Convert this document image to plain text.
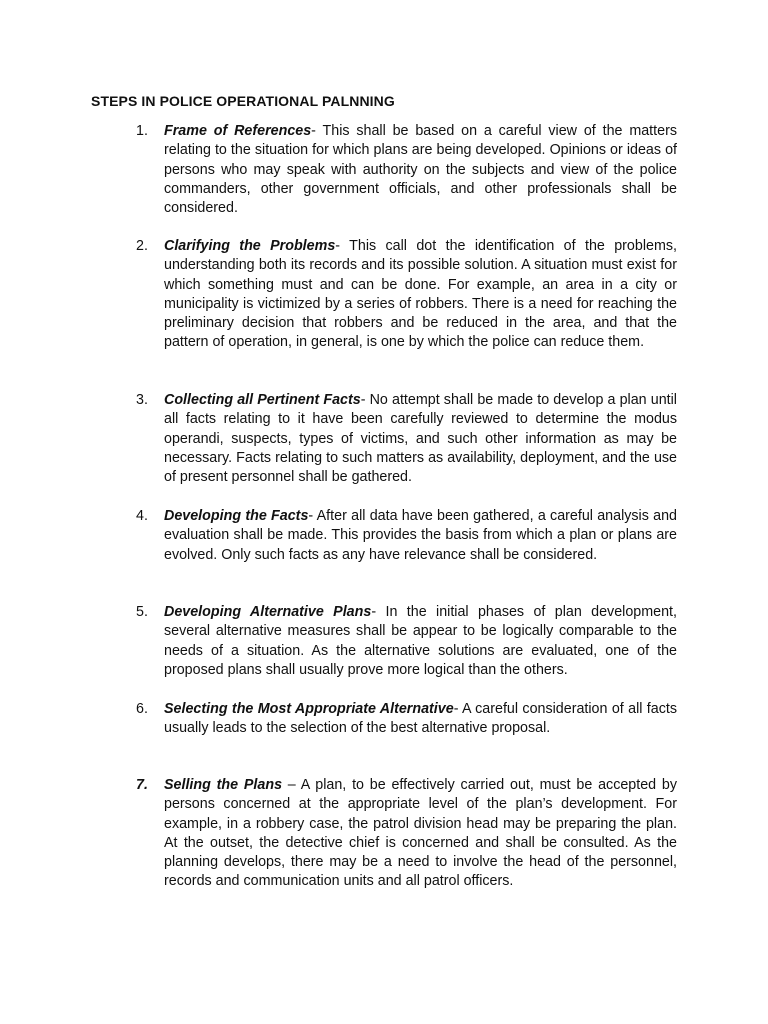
STEPS IN POLICE OPERATIONAL PALNNING
1.	Frame of References- This shall be based on a careful view of the matters relating to the situation for which plans are being developed. Opinions or ideas of persons who may speak with authority on the subjects and view of the police commanders, other government officials, and other professionals shall be considered.
2.	Clarifying the Problems- This call dot the identification of the problems, understanding both its records and its possible solution. A situation must exist for which something must and can be done. For example, an area in a city or municipality is victimized by a series of robbers. There is a need for reaching the preliminary decision that robbers and be reduced in the area, and that the pattern of operation, in general, is one by which the police can reduce them.
3.	Collecting all Pertinent Facts- No attempt shall be made to develop a plan until all facts relating to it have been carefully reviewed to determine the modus operandi, suspects, types of victims, and such other information as may be necessary. Facts relating to such matters as availability, deployment, and the use of present personnel shall be gathered.
4.	Developing the Facts- After all data have been gathered, a careful analysis and evaluation shall be made. This provides the basis from which a plan or plans are evolved. Only such facts as any have relevance shall be considered.
5.	Developing Alternative Plans- In the initial phases of plan development, several alternative measures shall be appear to be logically comparable to the needs of a situation. As the alternative solutions are evaluated, one of the proposed plans shall usually prove more logical than the others.
6.	Selecting the Most Appropriate Alternative- A careful consideration of all facts usually leads to the selection of the best alternative proposal.
7.	Selling the Plans – A plan, to be effectively carried out, must be accepted by persons concerned at the appropriate level of the plan’s development. For example, in a robbery case, the patrol division head may be preparing the plan. At the outset, the detective chief is concerned and shall be consulted. As the planning develops, there may be a need to involve the head of the personnel, records and communication units and all patrol officers.
